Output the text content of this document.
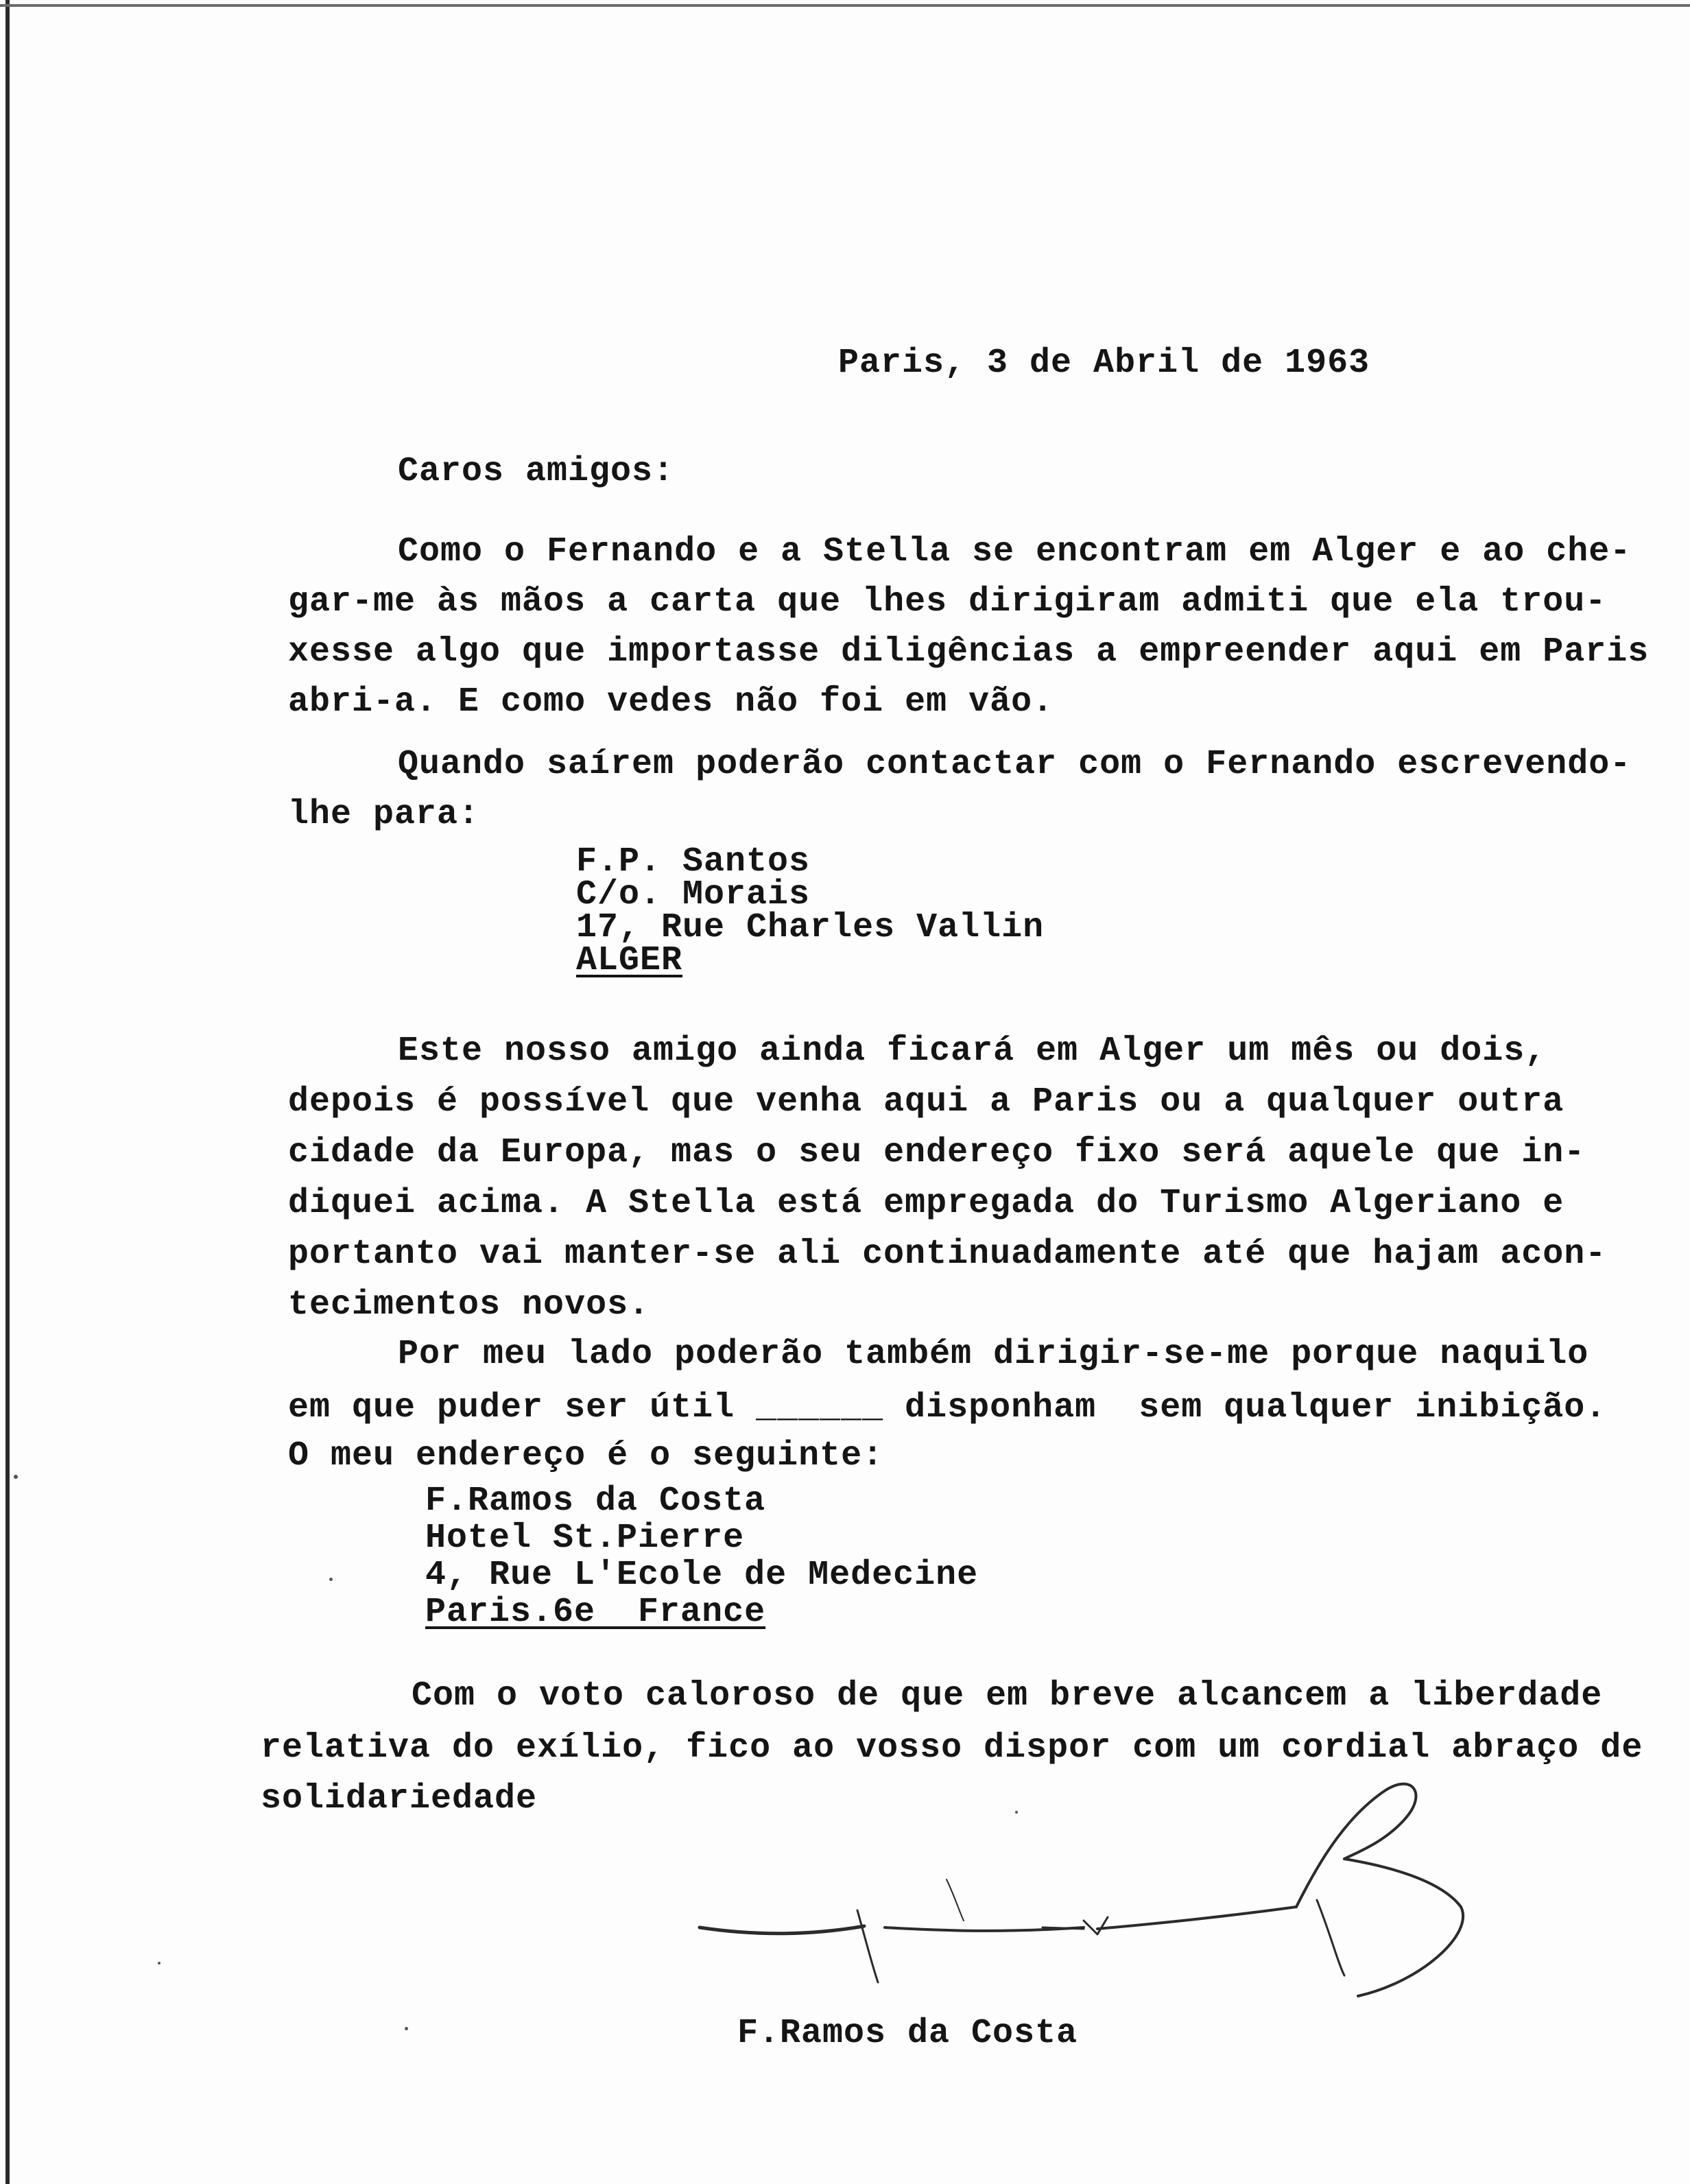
Paris, 3 de Abril de 1963
Caros amigos:
Como o Fernando e a Stella se encontram em Alger e ao che-
gar-me às mãos a carta que lhes dirigiram admiti que ela trou-
xesse algo que importasse diligências a empreender aqui em Paris
abri-a. E como vedes não foi em vão.
Quando saírem poderão contactar com o Fernando escrevendo-
lhe para:
F.P. Santos
C/o. Morais
17, Rue Charles Vallin
ALGER
Este nosso amigo ainda ficará em Alger um mês ou dois,
depois é possível que venha aqui a Paris ou a qualquer outra
cidade da Europa, mas o seu endereço fixo será aquele que in-
diquei acima. A Stella está empregada do Turismo Algeriano e
portanto vai manter-se ali continuadamente até que hajam acon-
tecimentos novos.
Por meu lado poderão também dirigir-se-me porque naquilo
em que puder ser útil ______ disponham  sem qualquer inibição.
O meu endereço é o seguinte:
F.Ramos da Costa
Hotel St.Pierre
4, Rue L'Ecole de Medecine
Paris.6e  France
Com o voto caloroso de que em breve alcancem a liberdade
relativa do exílio, fico ao vosso dispor com um cordial abraço de
solidariedade
F.Ramos da Costa
